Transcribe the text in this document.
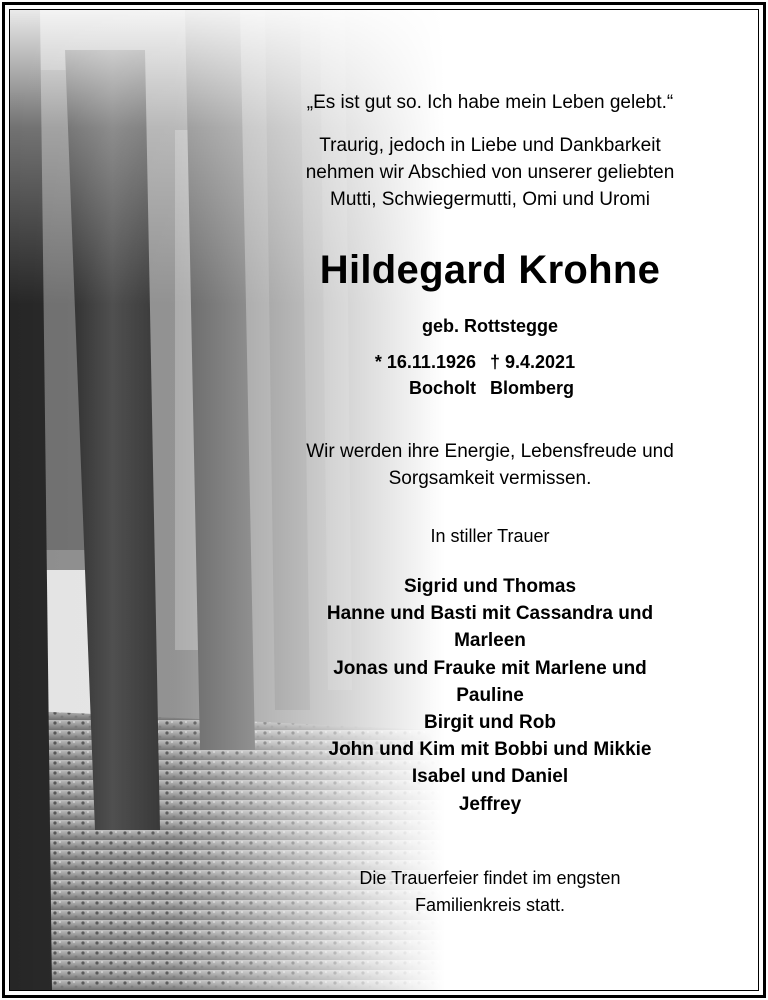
„Es ist gut so. Ich habe mein Leben gelebt.“
Traurig, jedoch in Liebe und Dankbarkeit
nehmen wir Abschied von unserer geliebten
Mutti, Schwiegermutti, Omi und Uromi
Hildegard Krohne
geb. Rottstegge
* 16.11.1926 † 9.4.2021
Bocholt Blomberg
Wir werden ihre Energie, Lebensfreude und
Sorgsamkeit vermissen.
In stiller Trauer
Sigrid und Thomas
Hanne und Basti mit Cassandra und
Marleen
Jonas und Frauke mit Marlene und
Pauline
Birgit und Rob
John und Kim mit Bobbi und Mikkie
Isabel und Daniel
Jeffrey
Die Trauerfeier findet im engsten
Familienkreis statt.
